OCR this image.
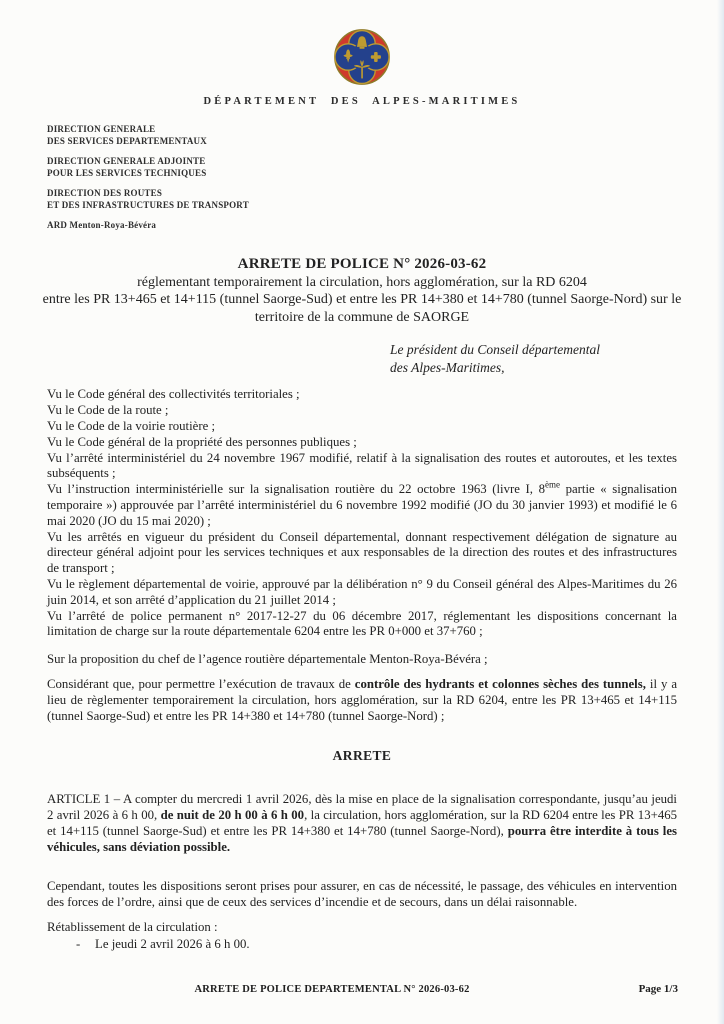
DÉPARTEMENT DES ALPES-MARITIMES

DIRECTION GENERALE
DES SERVICES DEPARTEMENTAUX

DIRECTION GENERALE ADJOINTE
POUR LES SERVICES TECHNIQUES

DIRECTION DES ROUTES
ET DES INFRASTRUCTURES DE TRANSPORT

ARD Menton-Roya-Bévéra

ARRETE DE POLICE N° 2026-03-62
réglementant temporairement la circulation, hors agglomération, sur la RD 6204
entre les PR 13+465 et 14+115 (tunnel Saorge-Sud) et entre les PR 14+380 et 14+780 (tunnel Saorge-Nord) sur le territoire de la commune de SAORGE
Le président du Conseil départemental
des Alpes-Maritimes,

Vu le Code général des collectivités territoriales ;

Vu le Code de la route ;

Vu le Code de la voirie routière ;

Vu le Code général de la propriété des personnes publiques ;

Vu l’arrêté interministériel du 24 novembre 1967 modifié, relatif à la signalisation des routes et autoroutes, et les textes subséquents ;

Vu l’instruction interministérielle sur la signalisation routière du 22 octobre 1963 (livre I, 8ème partie « signalisation temporaire ») approuvée par l’arrêté interministériel du 6 novembre 1992 modifié (JO du 30 janvier 1993) et modifié le 6 mai 2020 (JO du 15 mai 2020) ;

Vu les arrêtés en vigueur du président du Conseil départemental, donnant respectivement délégation de signature au directeur général adjoint pour les services techniques et aux responsables de la direction des routes et des infrastructures de transport ;

Vu le règlement départemental de voirie, approuvé par la délibération n° 9 du Conseil général des Alpes-Maritimes du 26 juin 2014, et son arrêté d’application du 21 juillet 2014 ;

Vu l’arrêté de police permanent n° 2017-12-27 du 06 décembre 2017, réglementant les dispositions concernant la limitation de charge sur la route départementale 6204 entre les PR 0+000 et 37+760 ;

Sur la proposition du chef de l’agence routière départementale Menton-Roya-Bévéra ;

Considérant que, pour permettre l’exécution de travaux de contrôle des hydrants et colonnes sèches des tunnels, il y a lieu de règlementer temporairement la circulation, hors agglomération, sur la RD 6204, entre les PR 13+465 et 14+115 (tunnel Saorge-Sud) et entre les PR 14+380 et 14+780 (tunnel Saorge-Nord) ;

ARRETE

ARTICLE 1 – A compter du mercredi 1 avril 2026, dès la mise en place de la signalisation correspondante, jusqu’au jeudi 2 avril 2026 à 6 h 00, de nuit de 20 h 00 à 6 h 00, la circulation, hors agglomération, sur la RD 6204 entre les PR 13+465 et 14+115 (tunnel Saorge-Sud) et entre les PR 14+380 et 14+780 (tunnel Saorge-Nord), pourra être interdite à tous les véhicules, sans déviation possible.

Cependant, toutes les dispositions seront prises pour assurer, en cas de nécessité, le passage, des véhicules en intervention des forces de l’ordre, ainsi que de ceux des services d’incendie et de secours, dans un délai raisonnable.

Rétablissement de la circulation :

- Le jeudi 2 avril 2026 à 6 h 00.

ARRETE DE POLICE DEPARTEMENTAL N° 2026-03-62	Page 1/3
